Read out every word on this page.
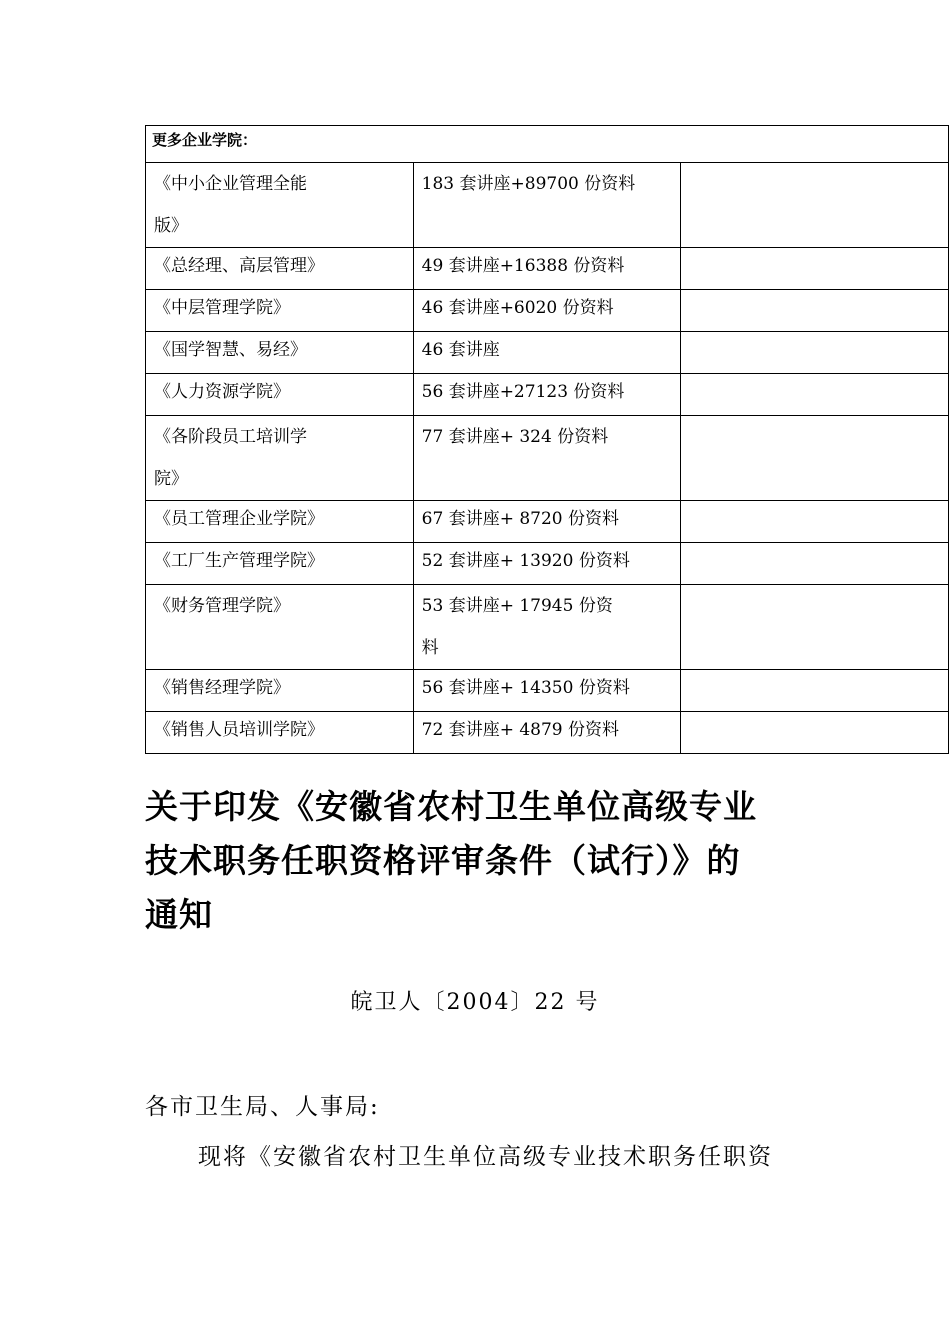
更多企业学院：		
《中小企业管理全能
版》	183 套讲座+89700 份资料	
《总经理、高层管理》	49 套讲座+16388 份资料	
《中层管理学院》	46 套讲座+6020 份资料	
《国学智慧、易经》	46 套讲座	
《人力资源学院》	56 套讲座+27123 份资料	
《各阶段员工培训学
院》	77 套讲座+ 324 份资料	
《员工管理企业学院》	67 套讲座+ 8720 份资料	
《工厂生产管理学院》	52 套讲座+ 13920 份资料	
《财务管理学院》	53 套讲座+ 17945 份资
料	
《销售经理学院》	56 套讲座+ 14350 份资料	
《销售人员培训学院》	72 套讲座+ 4879 份资料	
关于印发《安徽省农村卫生单位高级专业
技术职务任职资格评审条件（试行）》的
通知
皖卫人〔2004〕22 号
各市卫生局、人事局:
现将《安徽省农村卫生单位高级专业技术职务任职资
